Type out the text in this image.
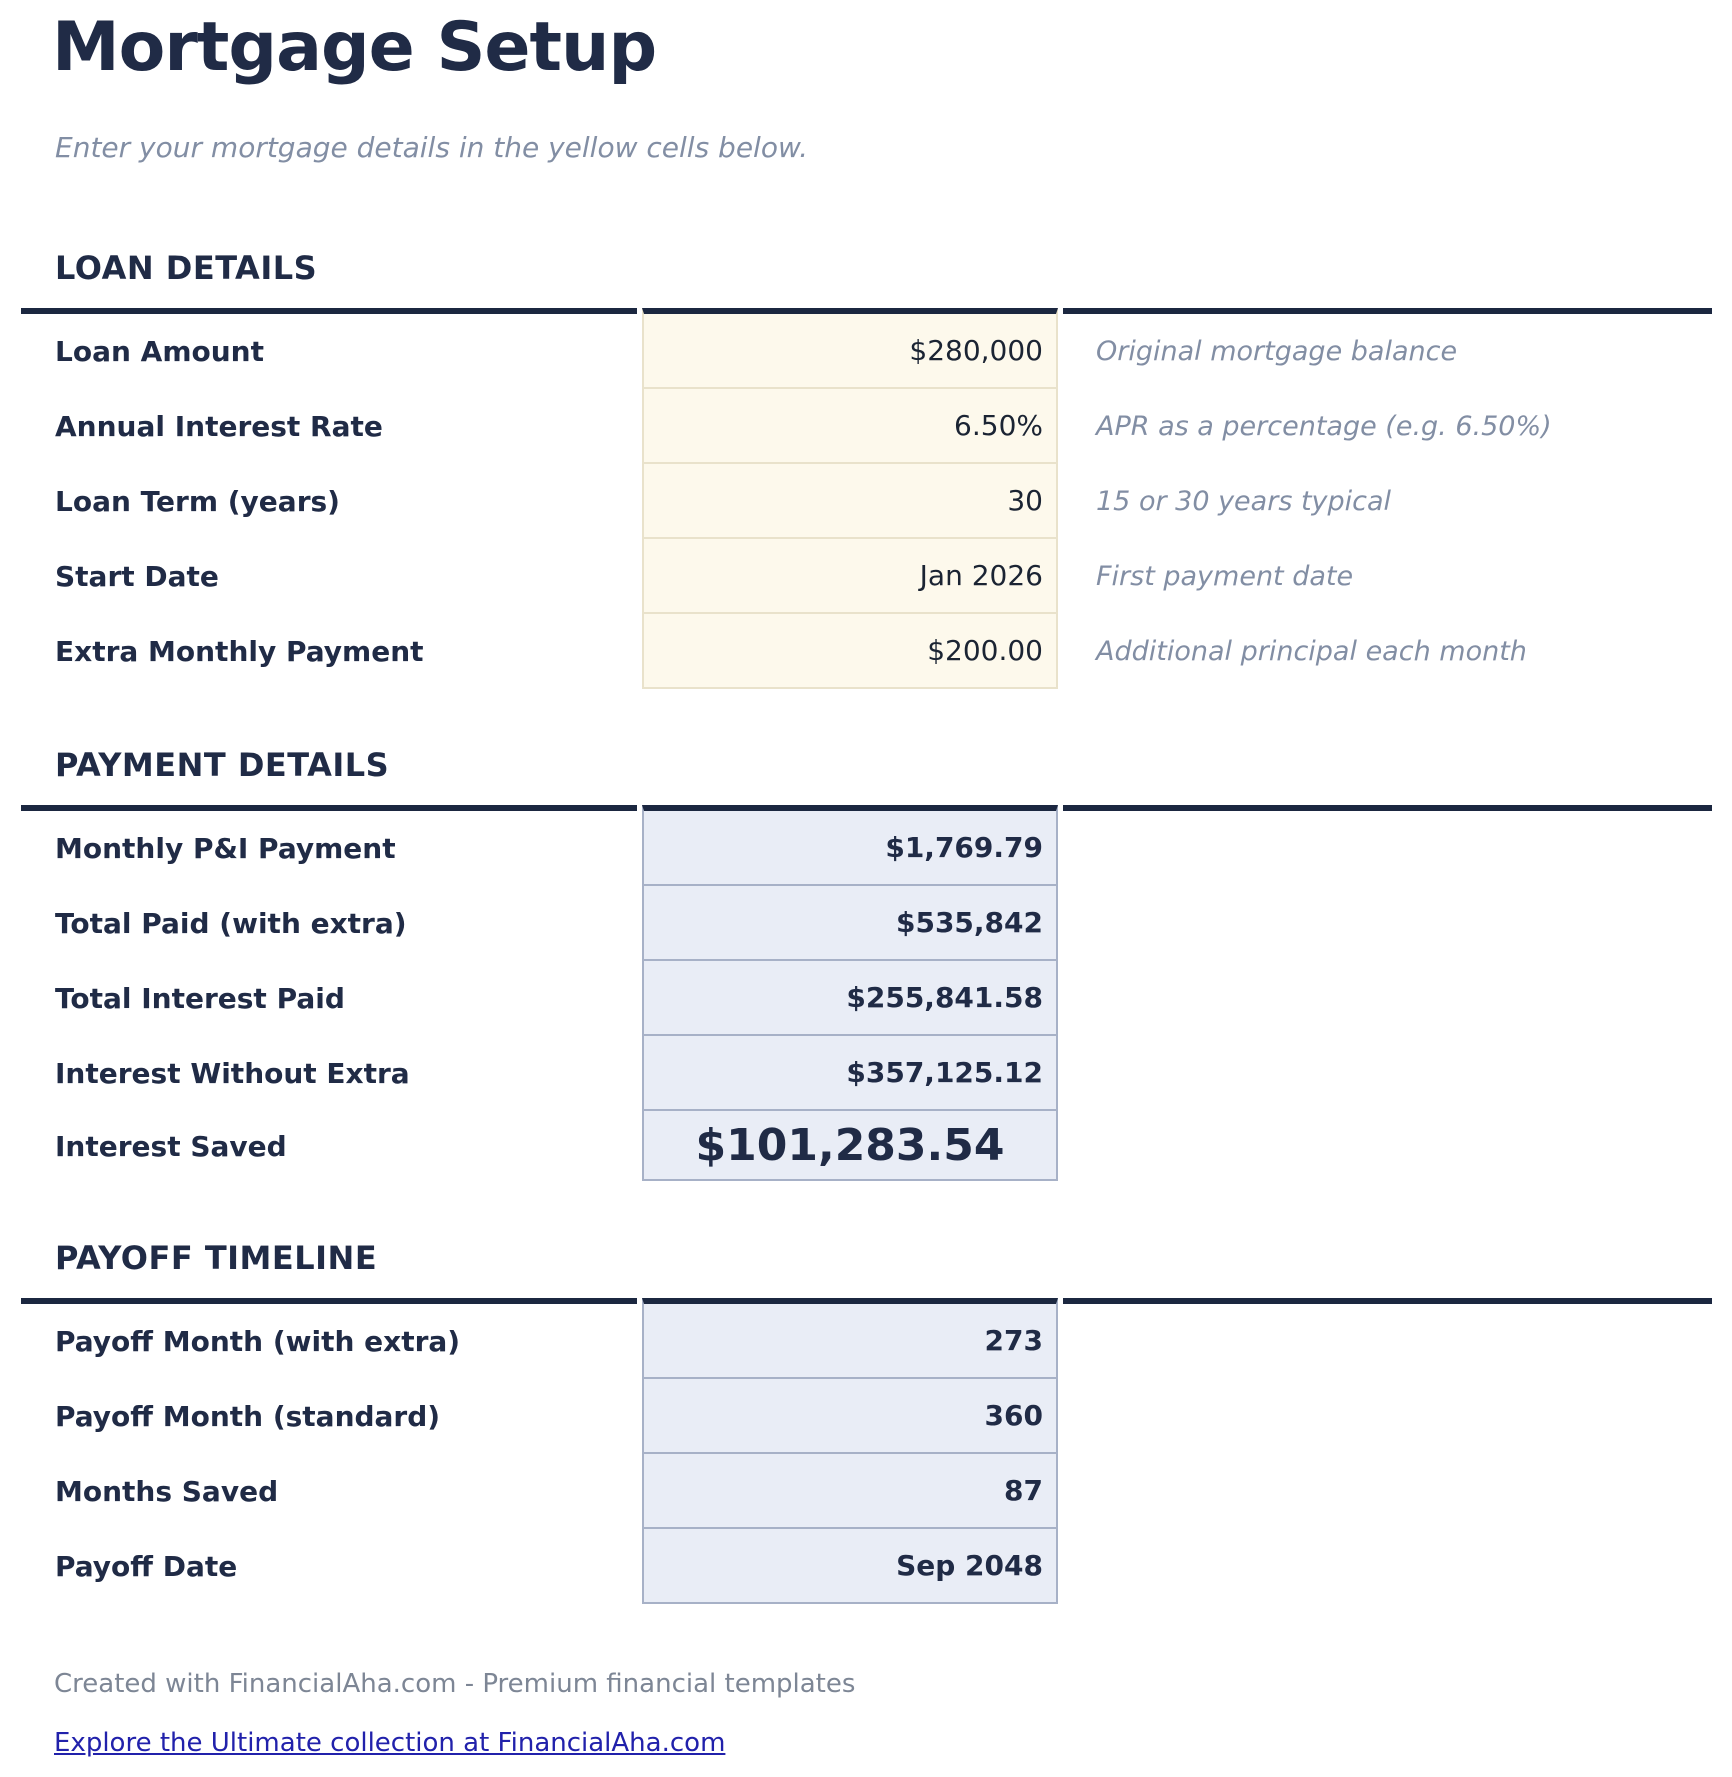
Mortgage Setup

Enter your mortgage details in the yellow cells below.

LOAN DETAILS
Loan Amount	$280,000	Original mortgage balance
Annual Interest Rate	6.50%	APR as a percentage (e.g. 6.50%)
Loan Term (years)	30	15 or 30 years typical
Start Date	Jan 2026	First payment date
Extra Monthly Payment	$200.00	Additional principal each month
PAYMENT DETAILS
Monthly P&I Payment	$1,769.79
Total Paid (with extra)	$535,842
Total Interest Paid	$255,841.58
Interest Without Extra	$357,125.12
Interest Saved	$101,283.54
PAYOFF TIMELINE
Payoff Month (with extra)	273
Payoff Month (standard)	360
Months Saved	87
Payoff Date	Sep 2048

Created with FinancialAha.com - Premium financial templates

Explore the Ultimate collection at FinancialAha.com
